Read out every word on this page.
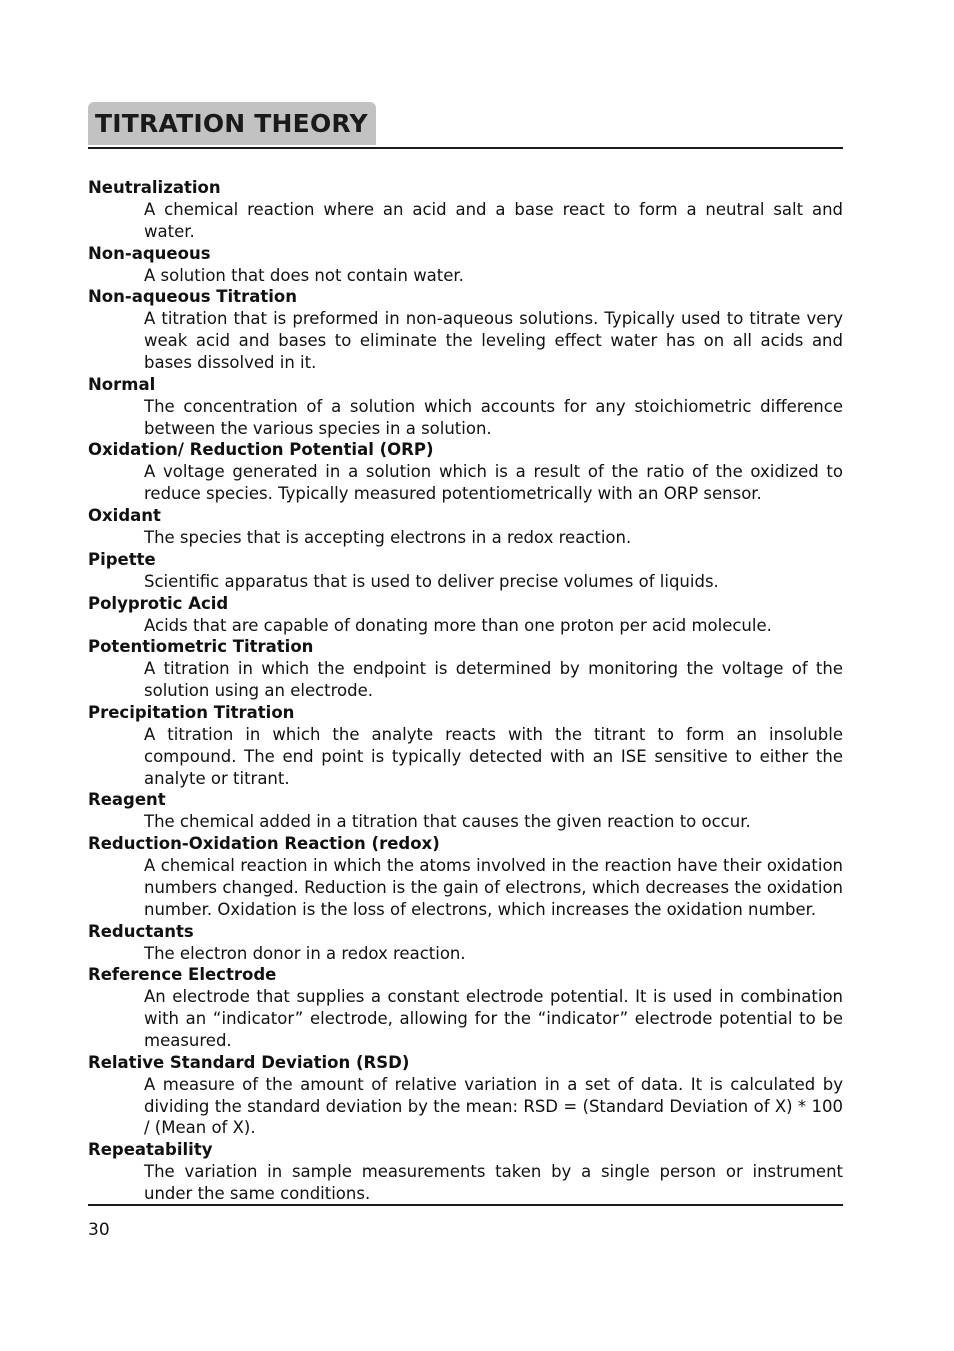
TITRATION THEORY
Neutralization
A chemical reaction where an acid and a base react to form a neutral salt and water.
Non-aqueous
A solution that does not contain water.
Non-aqueous Titration
A titration that is preformed in non-aqueous solutions. Typically used to titrate very weak acid and bases to eliminate the leveling effect water has on all acids and bases dissolved in it.
Normal
The concentration of a solution which accounts for any stoichiometric difference between the various species in a solution.
Oxidation/ Reduction Potential (ORP)
A voltage generated in a solution which is a result of the ratio of the oxidized to reduce species. Typically measured potentiometrically with an ORP sensor.
Oxidant
The species that is accepting electrons in a redox reaction.
Pipette
Scientific apparatus that is used to deliver precise volumes of liquids.
Polyprotic Acid
Acids that are capable of donating more than one proton per acid molecule.
Potentiometric Titration
A titration in which the endpoint is determined by monitoring the voltage of the solution using an electrode.
Precipitation Titration
A titration in which the analyte reacts with the titrant to form an insoluble compound. The end point is typically detected with an ISE sensitive to either the analyte or titrant.
Reagent
The chemical added in a titration that causes the given reaction to occur.
Reduction-Oxidation Reaction (redox)
A chemical reaction in which the atoms involved in the reaction have their oxidation numbers changed. Reduction is the gain of electrons, which decreases the oxidation number. Oxidation is the loss of electrons, which increases the oxidation number.
Reductants
The electron donor in a redox reaction.
Reference Electrode
An electrode that supplies a constant electrode potential. It is used in combination with an “indicator” electrode, allowing for the “indicator” electrode potential to be measured.
Relative Standard Deviation (RSD)
A measure of the amount of relative variation in a set of data. It is calculated by dividing the standard deviation by the mean: RSD = (Standard Deviation of X) * 100 / (Mean of X).
Repeatability
The variation in sample measurements taken by a single person or instrument under the same conditions.
30
